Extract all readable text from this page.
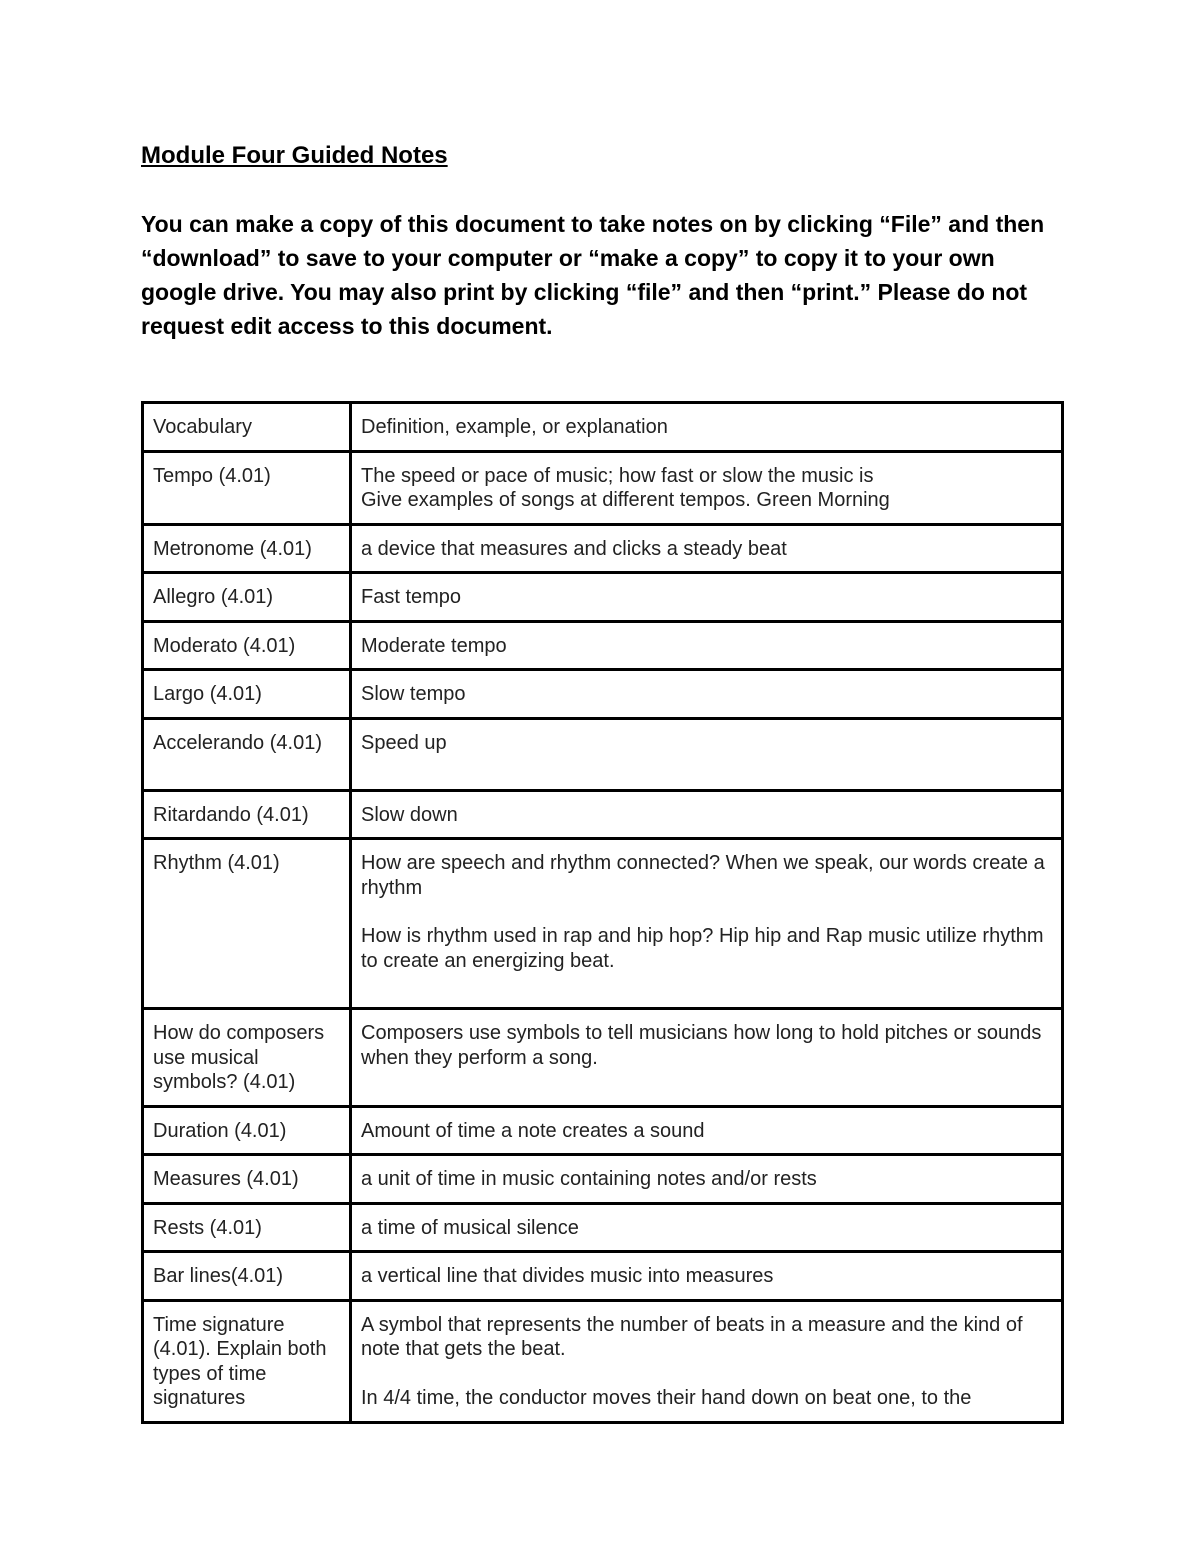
Module Four Guided Notes

You can make a copy of this document to take notes on by clicking “File” and then “download” to save to your computer or “make a copy” to copy it to your own google drive. You may also print by clicking “file” and then “print.” Please do not request edit access to this document.

Vocabulary	Definition, example, or explanation
Tempo (4.01)	The speed or pace of music; how fast or slow the music is
Give examples of songs at different tempos. Green Morning

Metronome (4.01)	a device that measures and clicks a steady beat
Allegro (4.01)	Fast tempo
Moderato (4.01)	Moderate tempo
Largo (4.01)	Slow tempo
Accelerando (4.01)	Speed up
Ritardando (4.01)	Slow down
Rhythm (4.01)	How are speech and rhythm connected? When we speak, our words create a rhythm
How is rhythm used in rap and hip hop? Hip hip and Rap music utilize rhythm to create an energizing beat.

How do composers use musical symbols? (4.01)	Composers use symbols to tell musicians how long to hold pitches or sounds when they perform a song.
Duration (4.01)	Amount of time a note creates a sound
Measures (4.01)	a unit of time in music containing notes and/or rests
Rests (4.01)	a time of musical silence
Bar lines(4.01)	a vertical line that divides music into measures
Time signature (4.01). Explain both types of time signatures	A symbol that represents the number of beats in a measure and the kind of note that gets the beat.
In 4/4 time, the conductor moves their hand down on beat one, to the
